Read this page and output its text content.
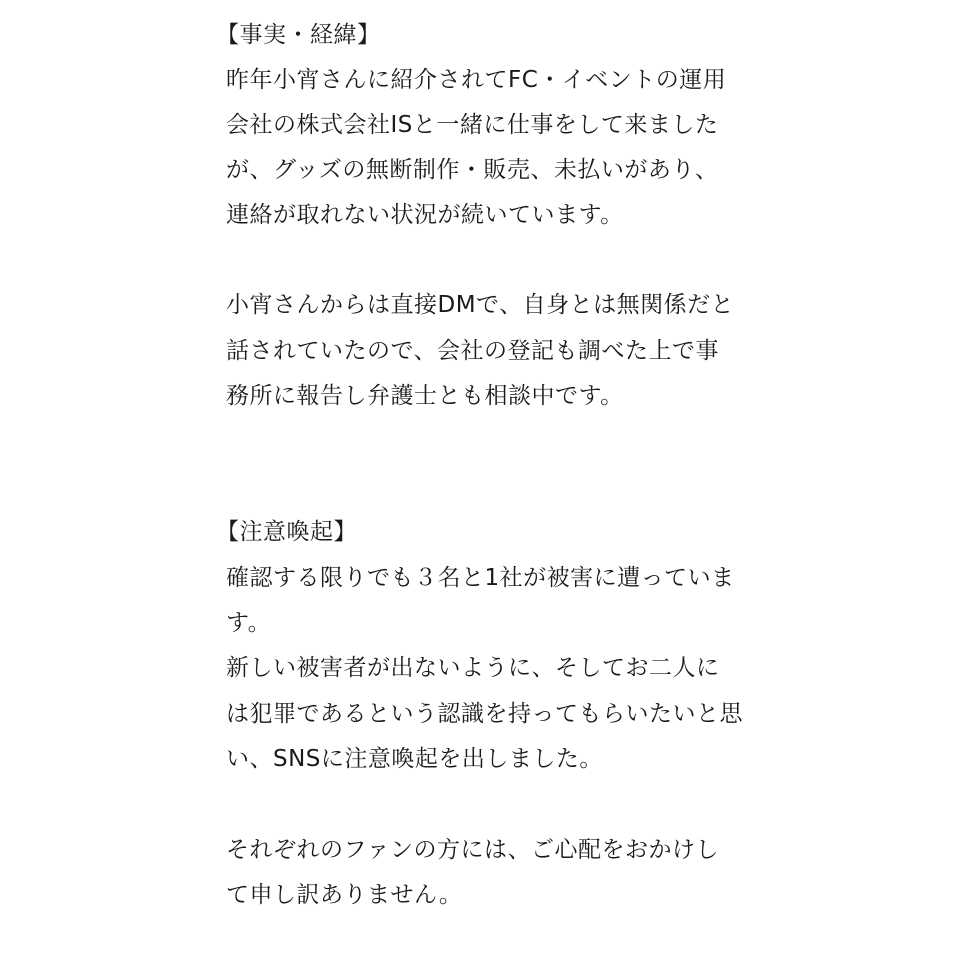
【事実・経緯】
昨年小宵さんに紹介されてFC・イベントの運用
会社の株式会社ISと一緒に仕事をして来ました
が、グッズの無断制作・販売、未払いがあり、
連絡が取れない状況が続いています。
小宵さんからは直接DMで、自身とは無関係だと
話されていたので、会社の登記も調べた上で事
務所に報告し弁護士とも相談中です。
【注意喚起】
確認する限りでも３名と1社が被害に遭っていま
す。
新しい被害者が出ないように、そしてお二人に
は犯罪であるという認識を持ってもらいたいと思
い、SNSに注意喚起を出しました。
それぞれのファンの方には、ご心配をおかけし
て申し訳ありません。
